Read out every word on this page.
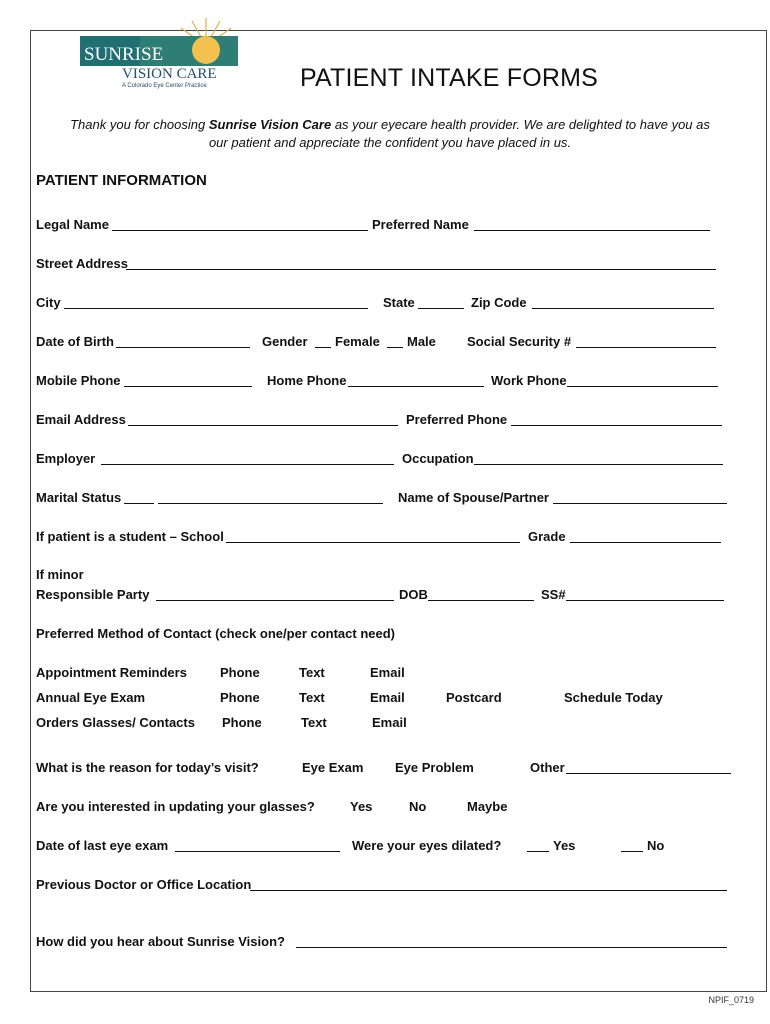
SUNRISE
VISION CARE
A Colorado Eye Center Practice	PATIENT INTAKE FORMS
Thank you for choosing Sunrise Vision Care as your eyecare health provider. We are delighted to have you as our patient and appreciate the confident you have placed in us.
PATIENT INFORMATION
Legal Name	Preferred Name
Street Address
City	State	Zip Code
Date of Birth	Gender Female Male Social Security #
Mobile Phone	Home Phone	Work Phone
Email Address	Preferred Phone
Employer	Occupation
Marital Status	Name of Spouse/Partner
If patient is a student – School	Grade
If minor
Responsible Party	DOB	SS#
Preferred Method of Contact (check one/per contact need)
Appointment Reminders	Phone	Text	Email
Annual Eye Exam	Phone	Text	Email	Postcard	Schedule Today
Orders Glasses/ Contacts Phone	Text	Email
What is the reason for today’s visit?	Eye Exam Eye Problem	Other
Are you interested in updating your glasses?	Yes	No	Maybe
Date of last eye exam	Were your eyes dilated?	Yes	No
Previous Doctor or Office Location
How did you hear about Sunrise Vision?
NPIF_0719
